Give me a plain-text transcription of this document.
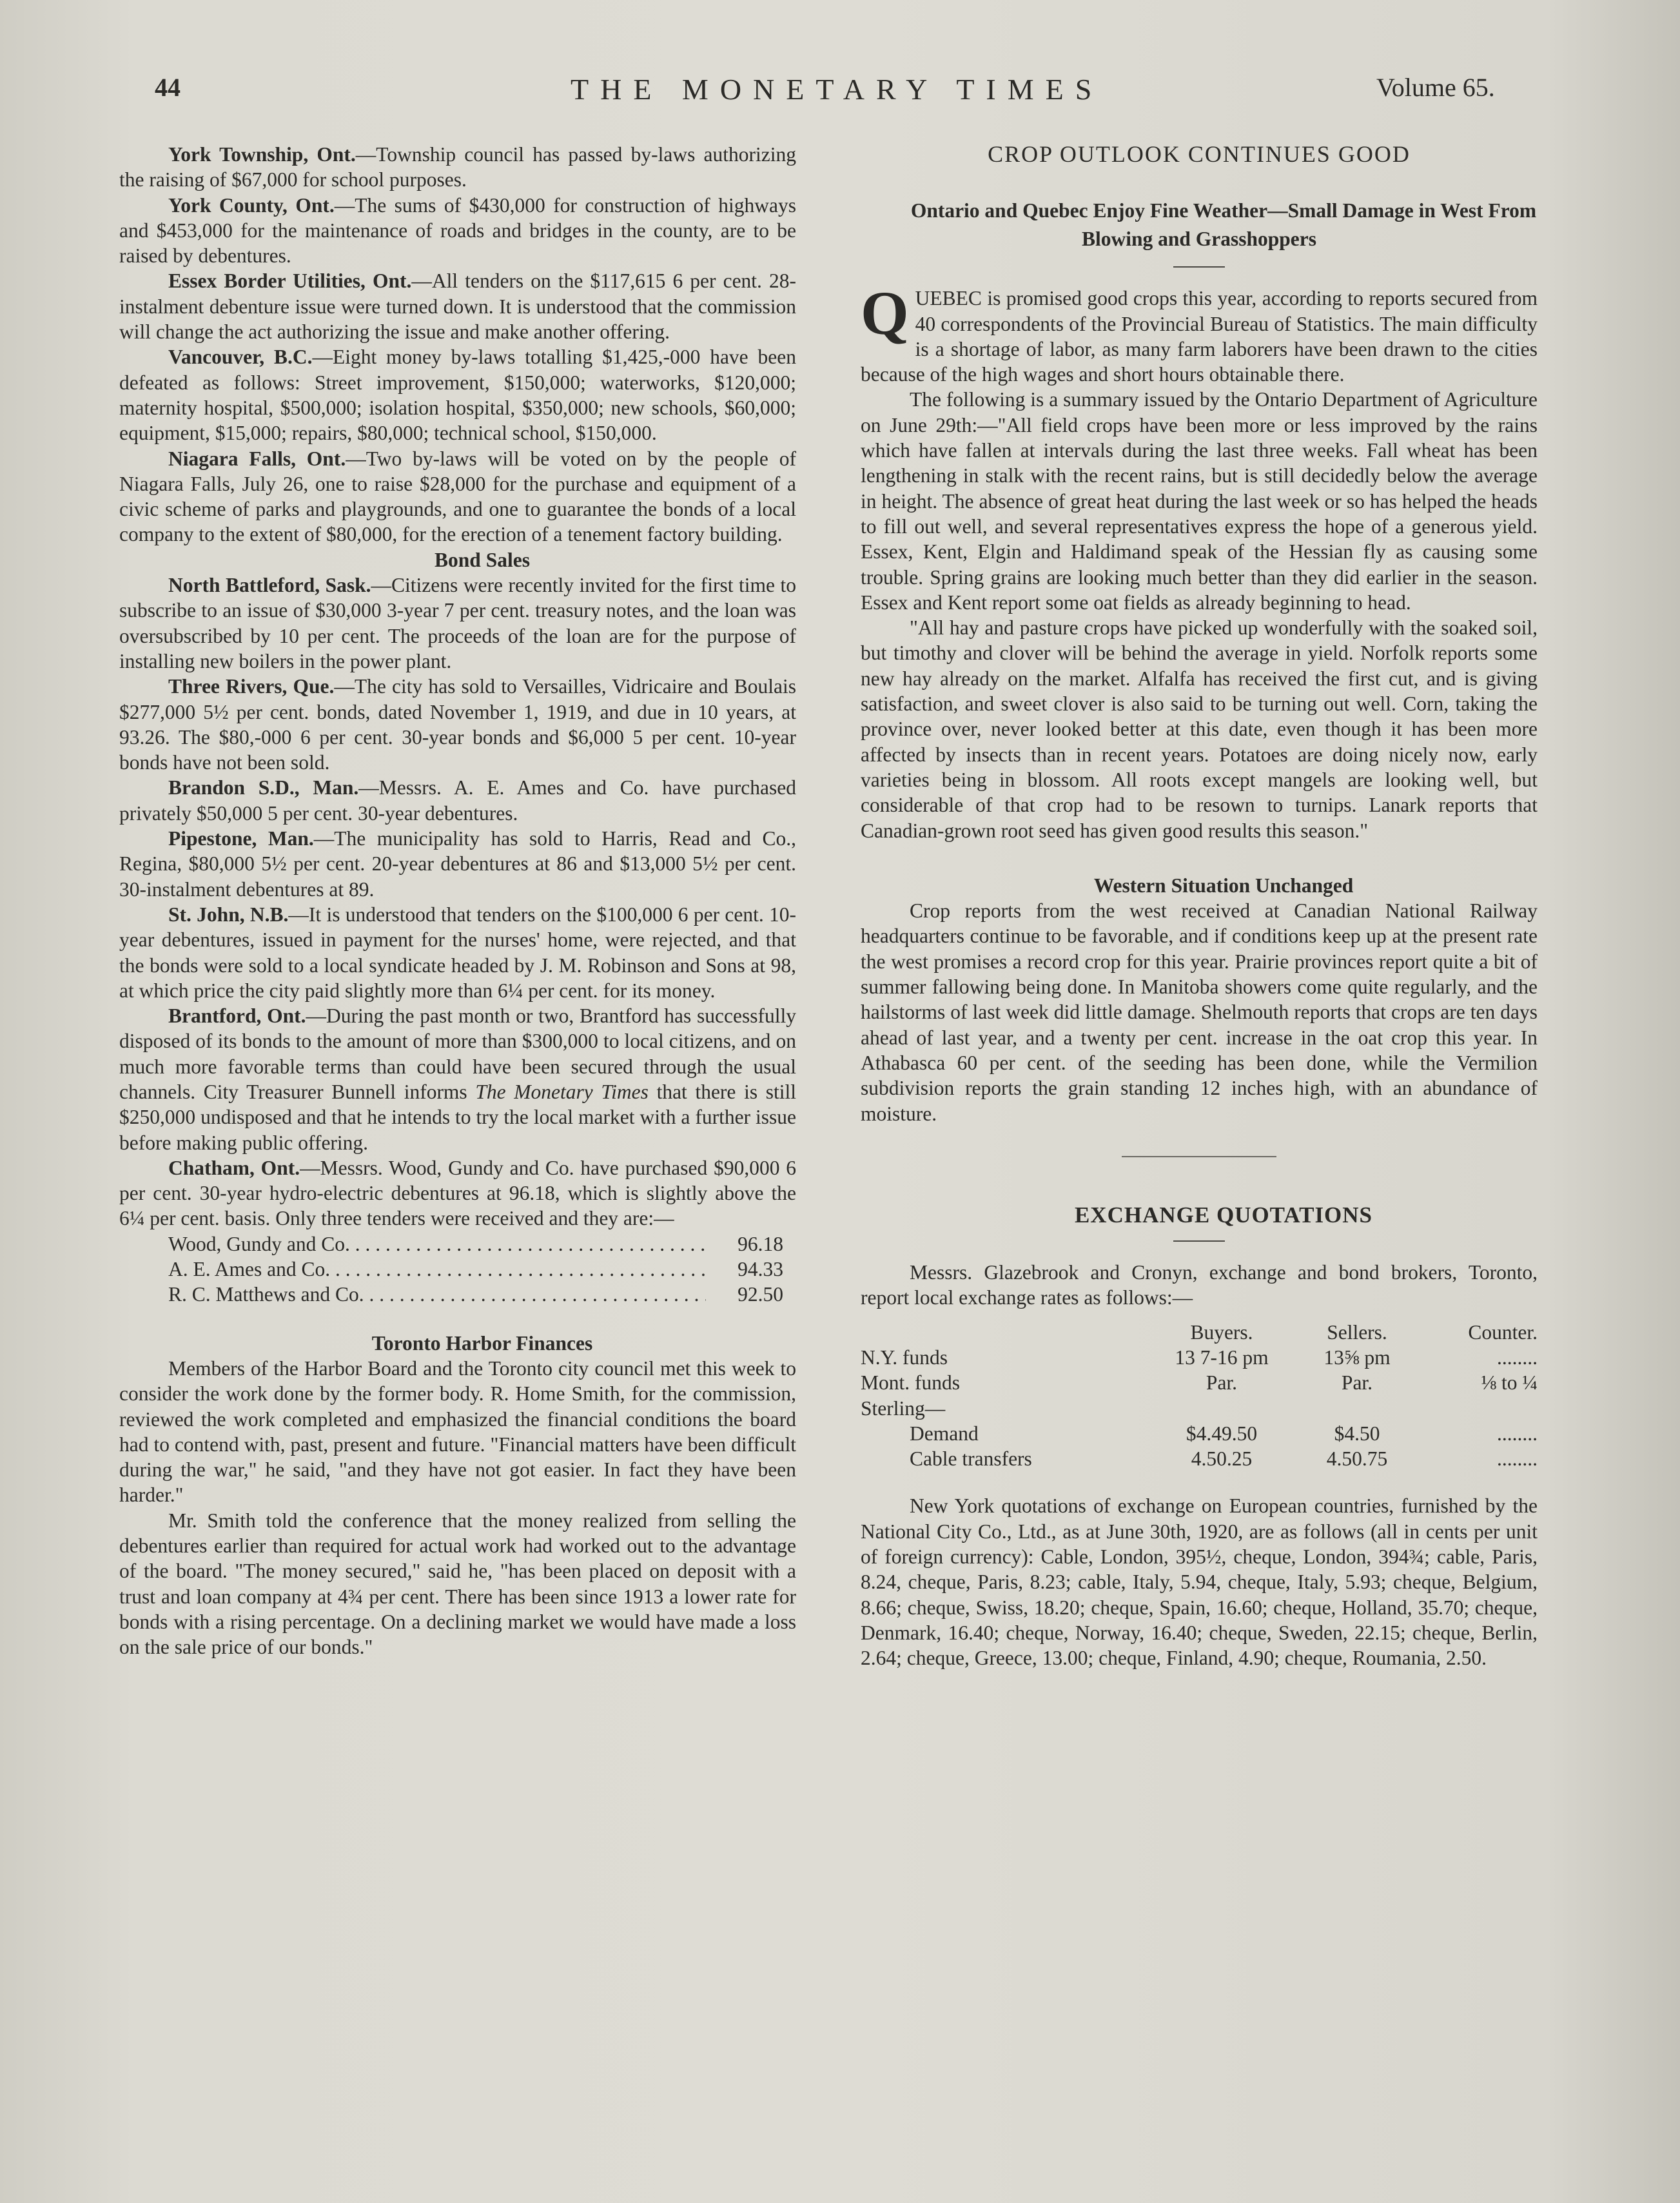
44	THE MONETARY TIMES	Volume 65.

York Township, Ont.—Township council has passed by-laws authorizing the raising of $67,000 for school purposes.

York County, Ont.—The sums of $430,000 for construction of highways and $453,000 for the maintenance of roads and bridges in the county, are to be raised by debentures.

Essex Border Utilities, Ont.—All tenders on the $117,615 6 per cent. 28-instalment debenture issue were turned down. It is understood that the commission will change the act authorizing the issue and make another offering.

Vancouver, B.C.—Eight money by-laws totalling $1,425,-000 have been defeated as follows: Street improvement, $150,000; waterworks, $120,000; maternity hospital, $500,000; isolation hospital, $350,000; new schools, $60,000; equipment, $15,000; repairs, $80,000; technical school, $150,000.

Niagara Falls, Ont.—Two by-laws will be voted on by the people of Niagara Falls, July 26, one to raise $28,000 for the purchase and equipment of a civic scheme of parks and playgrounds, and one to guarantee the bonds of a local company to the extent of $80,000, for the erection of a tenement factory building.

Bond Sales

North Battleford, Sask.—Citizens were recently invited for the first time to subscribe to an issue of $30,000 3-year 7 per cent. treasury notes, and the loan was oversubscribed by 10 per cent. The proceeds of the loan are for the purpose of installing new boilers in the power plant.

Three Rivers, Que.—The city has sold to Versailles, Vidricaire and Boulais $277,000 5½ per cent. bonds, dated November 1, 1919, and due in 10 years, at 93.26. The $80,-000 6 per cent. 30-year bonds and $6,000 5 per cent. 10-year bonds have not been sold.

Brandon S.D., Man.—Messrs. A. E. Ames and Co. have purchased privately $50,000 5 per cent. 30-year debentures.

Pipestone, Man.—The municipality has sold to Harris, Read and Co., Regina, $80,000 5½ per cent. 20-year debentures at 86 and $13,000 5½ per cent. 30-instalment debentures at 89.

St. John, N.B.—It is understood that tenders on the $100,000 6 per cent. 10-year debentures, issued in payment for the nurses' home, were rejected, and that the bonds were sold to a local syndicate headed by J. M. Robinson and Sons at 98, at which price the city paid slightly more than 6¼ per cent. for its money.

Brantford, Ont.—During the past month or two, Brantford has successfully disposed of its bonds to the amount of more than $300,000 to local citizens, and on much more favorable terms than could have been secured through the usual channels. City Treasurer Bunnell informs The Monetary Times that there is still $250,000 undisposed and that he intends to try the local market with a further issue before making public offering.

Chatham, Ont.—Messrs. Wood, Gundy and Co. have purchased $90,000 6 per cent. 30-year hydro-electric debentures at 96.18, which is slightly above the 6¼ per cent. basis. Only three tenders were received and they are:—

Wood, Gundy and Co. . . .	96.18
A. E. Ames and Co. . . .	94.33
R. C. Matthews and Co. . . .	92.50

Toronto Harbor Finances

Members of the Harbor Board and the Toronto city council met this week to consider the work done by the former body. R. Home Smith, for the commission, reviewed the work completed and emphasized the financial conditions the board had to contend with, past, present and future. "Financial matters have been difficult during the war," he said, "and they have not got easier. In fact they have been harder."

Mr. Smith told the conference that the money realized from selling the debentures earlier than required for actual work had worked out to the advantage of the board. "The money secured," said he, "has been placed on deposit with a trust and loan company at 4¾ per cent. There has been since 1913 a lower rate for bonds with a rising percentage. On a declining market we would have made a loss on the sale price of our bonds."

CROP OUTLOOK CONTINUES GOOD

Ontario and Quebec Enjoy Fine Weather—Small Damage in West From Blowing and Grasshoppers

QUEBEC is promised good crops this year, according to reports secured from 40 correspondents of the Provincial Bureau of Statistics. The main difficulty is a shortage of labor, as many farm laborers have been drawn to the cities because of the high wages and short hours obtainable there.

The following is a summary issued by the Ontario Department of Agriculture on June 29th:—"All field crops have been more or less improved by the rains which have fallen at intervals during the last three weeks. Fall wheat has been lengthening in stalk with the recent rains, but is still decidedly below the average in height. The absence of great heat during the last week or so has helped the heads to fill out well, and several representatives express the hope of a generous yield. Essex, Kent, Elgin and Haldimand speak of the Hessian fly as causing some trouble. Spring grains are looking much better than they did earlier in the season. Essex and Kent report some oat fields as already beginning to head.

"All hay and pasture crops have picked up wonderfully with the soaked soil, but timothy and clover will be behind the average in yield. Norfolk reports some new hay already on the market. Alfalfa has received the first cut, and is giving satisfaction, and sweet clover is also said to be turning out well. Corn, taking the province over, never looked better at this date, even though it has been more affected by insects than in recent years. Potatoes are doing nicely now, early varieties being in blossom. All roots except mangels are looking well, but considerable of that crop had to be resown to turnips. Lanark reports that Canadian-grown root seed has given good results this season."

Western Situation Unchanged

Crop reports from the west received at Canadian National Railway headquarters continue to be favorable, and if conditions keep up at the present rate the west promises a record crop for this year. Prairie provinces report quite a bit of summer fallowing being done. In Manitoba showers come quite regularly, and the hailstorms of last week did little damage. Shelmouth reports that crops are ten days ahead of last year, and a twenty per cent. increase in the oat crop this year. In Athabasca 60 per cent. of the seeding has been done, while the Vermilion subdivision reports the grain standing 12 inches high, with an abundance of moisture.

EXCHANGE QUOTATIONS

Messrs. Glazebrook and Cronyn, exchange and bond brokers, Toronto, report local exchange rates as follows:—

	Buyers.	Sellers.	Counter.
N.Y. funds	13 7-16 pm	13⅝ pm	........
Mont. funds	Par.	Par.	⅛ to ¼
Sterling—			
Demand	$4.49.50	$4.50	........
Cable transfers	4.50.25	4.50.75	........

New York quotations of exchange on European countries, furnished by the National City Co., Ltd., as at June 30th, 1920, are as follows (all in cents per unit of foreign currency): Cable, London, 395½, cheque, London, 394¾; cable, Paris, 8.24, cheque, Paris, 8.23; cable, Italy, 5.94, cheque, Italy, 5.93; cheque, Belgium, 8.66; cheque, Swiss, 18.20; cheque, Spain, 16.60; cheque, Holland, 35.70; cheque, Denmark, 16.40; cheque, Norway, 16.40; cheque, Sweden, 22.15; cheque, Berlin, 2.64; cheque, Greece, 13.00; cheque, Finland, 4.90; cheque, Roumania, 2.50.
